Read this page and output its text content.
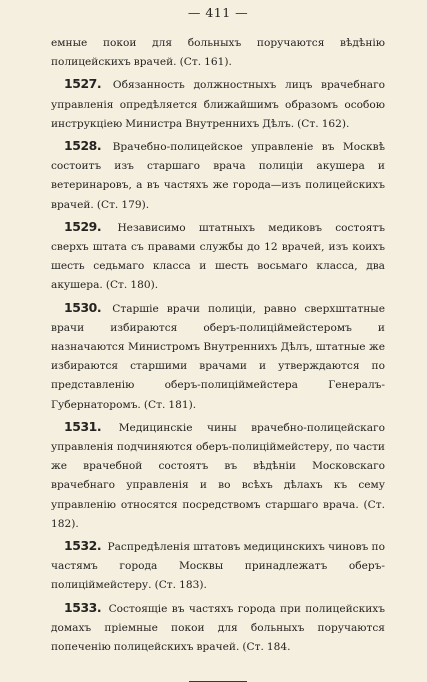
— 411 —

емные покои для больныхъ поручаются вѣдѣнію полицейскихъ врачей. (Ст. 161).

1527. Обязанность должностныхъ лицъ врачебнаго управленія опредѣляется ближайшимъ образомъ особою инструкціею Министра Внутреннихъ Дѣлъ. (Ст. 162).

1528. Врачебно-полицейское управленіе въ Москвѣ состоитъ изъ старшаго врача полиціи акушера и ветеринаровъ, а въ частяхъ же города—изъ полицейскихъ врачей. (Ст. 179).

1529. Независимо штатныхъ медиковъ состоятъ сверхъ штата съ правами службы до 12 врачей, изъ коихъ шесть седьмаго класса и шесть восьмаго класса, два акушера. (Ст. 180).

1530. Старшіе врачи полиціи, равно сверхштатные врачи избираются оберъ-полицiймейстеромъ и назначаются Министромъ Внутреннихъ Дѣлъ, штатные же избираются старшими врачами и утверждаются по представленію оберъ-полицiймейстера Генералъ-Губернаторомъ. (Ст. 181).

1531. Медицинскіе чины врачебно-полицейскаго управленія подчиняются оберъ-полицiймейстеру, по части же врачебной состоятъ въ вѣдѣніи Московскаго врачебнаго управленія и во всѣхъ дѣлахъ къ сему управленію относятся посредствомъ старшаго врача. (Ст. 182).

1532. Распредѣленія штатовъ медицинскихъ чиновъ по частямъ города Москвы принадлежатъ оберъ-полицiймейстеру. (Ст. 183).

1533. Состоящіе въ частяхъ города при полицейскихъ домахъ пріемные покои для больныхъ поручаются попеченію полицейскихъ врачей. (Ст. 184.
